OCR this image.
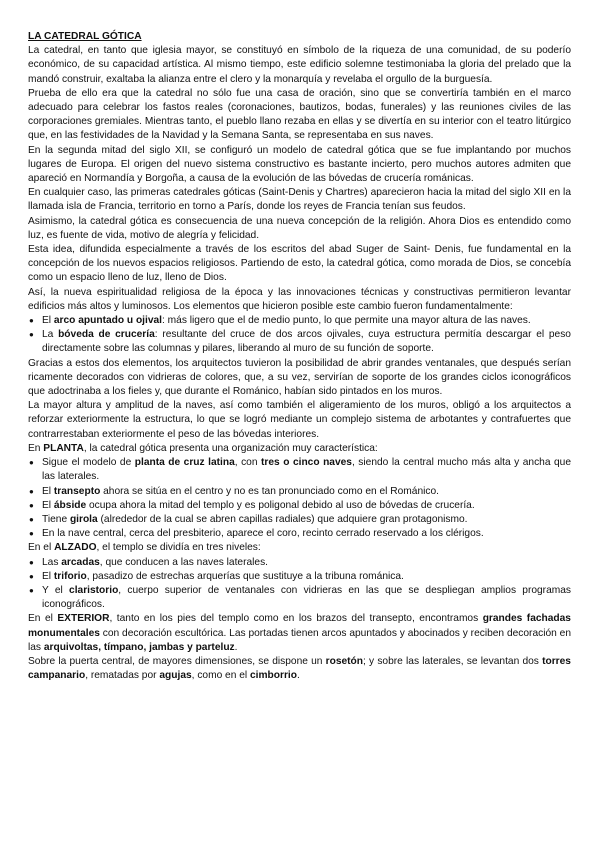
LA CATEDRAL GÓTICA

La catedral, en tanto que iglesia mayor, se constituyó en símbolo de la riqueza de una comunidad, de su poderío económico, de su capacidad artística. Al mismo tiempo, este edificio solemne testimoniaba la gloria del prelado que la mandó construir, exaltaba la alianza entre el clero y la monarquía y revelaba el orgullo de la burguesía.

Prueba de ello era que la catedral no sólo fue una casa de oración, sino que se convertiría también en el marco adecuado para celebrar los fastos reales (coronaciones, bautizos, bodas, funerales) y las reuniones civiles de las corporaciones gremiales. Mientras tanto, el pueblo llano rezaba en ellas y se divertía en su interior con el teatro litúrgico que, en las festividades de la Navidad y la Semana Santa, se representaba en sus naves.

En la segunda mitad del siglo XII, se configuró un modelo de catedral gótica que se fue implantando por muchos lugares de Europa. El origen del nuevo sistema constructivo es bastante incierto, pero muchos autores admiten que apareció en Normandía y Borgoña, a causa de la evolución de las bóvedas de crucería románicas.

En cualquier caso, las primeras catedrales góticas (Saint-Denis y Chartres) aparecieron hacia la mitad del siglo XII en la llamada isla de Francia, territorio en torno a París, donde los reyes de Francia tenían sus feudos.

Asimismo, la catedral gótica es consecuencia de una nueva concepción de la religión. Ahora Dios es entendido como luz, es fuente de vida, motivo de alegría y felicidad.

Esta idea, difundida especialmente a través de los escritos del abad Suger de Saint- Denis, fue fundamental en la concepción de los nuevos espacios religiosos. Partiendo de esto, la catedral gótica, como morada de Dios, se concebía como un espacio lleno de luz, lleno de Dios.

Así, la nueva espiritualidad religiosa de la época y las innovaciones técnicas y constructivas permitieron levantar edificios más altos y luminosos. Los elementos que hicieron posible este cambio fueron fundamentalmente:

● El arco apuntado u ojival: más ligero que el de medio punto, lo que permite una mayor altura de las naves.
● La bóveda de crucería: resultante del cruce de dos arcos ojivales, cuya estructura permitía descargar el peso directamente sobre las columnas y pilares, liberando al muro de su función de soporte.

Gracias a estos dos elementos, los arquitectos tuvieron la posibilidad de abrir grandes ventanales, que después serían ricamente decorados con vidrieras de colores, que, a su vez, servirían de soporte de los grandes ciclos iconográficos que adoctrinaba a los fieles y, que durante el Románico, habían sido pintados en los muros.

La mayor altura y amplitud de la naves, así como también el aligeramiento de los muros, obligó a los arquitectos a reforzar exteriormente la estructura, lo que se logró mediante un complejo sistema de arbotantes y contrafuertes que contrarrestaban exteriormente el peso de las bóvedas interiores.

En PLANTA, la catedral gótica presenta una organización muy característica:

● Sigue el modelo de planta de cruz latina, con tres o cinco naves, siendo la central mucho más alta y ancha que las laterales.
● El transepto ahora se sitúa en el centro y no es tan pronunciado como en el Románico.
● El ábside ocupa ahora la mitad del templo y es poligonal debido al uso de bóvedas de crucería.
● Tiene girola (alrededor de la cual se abren capillas radiales) que adquiere gran protagonismo.
● En la nave central, cerca del presbiterio, aparece el coro, recinto cerrado reservado a los clérigos.

En el ALZADO, el templo se dividía en tres niveles:

● Las arcadas, que conducen a las naves laterales.
● El triforio, pasadizo de estrechas arquerías que sustituye a la tribuna románica.
● Y el claristorio, cuerpo superior de ventanales con vidrieras en las que se despliegan amplios programas iconográficos.

En el EXTERIOR, tanto en los pies del templo como en los brazos del transepto, encontramos grandes fachadas monumentales con decoración escultórica. Las portadas tienen arcos apuntados y abocinados y reciben decoración en las arquivoltas, tímpano, jambas y parteluz.

Sobre la puerta central, de mayores dimensiones, se dispone un rosetón; y sobre las laterales, se levantan dos torres campanario, rematadas por agujas, como en el cimborrio.
